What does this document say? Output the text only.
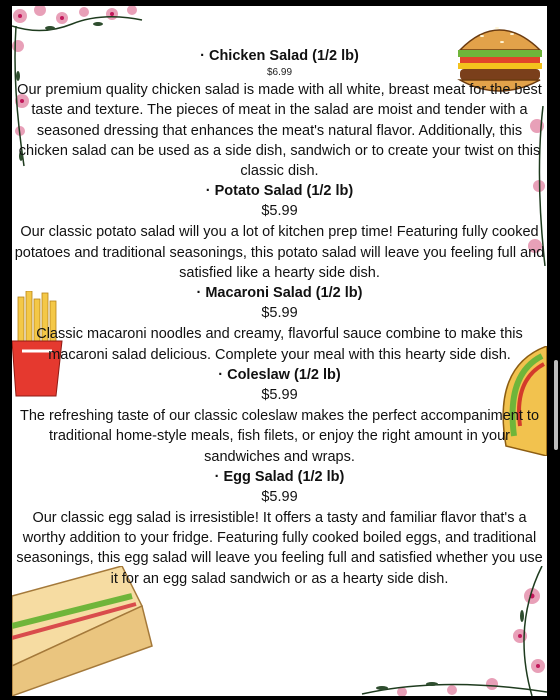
· Chicken Salad (1/2 lb)
$6.99
Our premium quality chicken salad is made with all white, breast meat for the best taste and texture. The pieces of meat in the salad are moist and tender with a seasoned dressing that enhances the meat's natural flavor. Additionally, this chicken salad can be used as a side dish, sandwich or to create your twist on this classic dish.
· Potato Salad (1/2 lb)
$5.99
Our classic potato salad will you a lot of kitchen prep time! Featuring fully cooked potatoes and traditional seasonings, this potato salad will leave you feeling full and satisfied like a hearty side dish.
· Macaroni Salad (1/2 lb)
$5.99
Classic macaroni noodles and creamy, flavorful sauce combine to make this macaroni salad delicious. Complete your meal with this hearty side dish.
· Coleslaw (1/2 lb)
$5.99
The refreshing taste of our classic coleslaw makes the perfect accompaniment to traditional home-style meals, fish filets, or enjoy the right amount in your sandwiches and wraps.
· Egg Salad (1/2 lb)
$5.99
Our classic egg salad is irresistible! It offers a tasty and familiar flavor that's a worthy addition to your fridge. Featuring fully cooked boiled eggs, and traditional seasonings, this egg salad will leave you feeling full and satisfied whether you use it for an egg salad sandwich or as a hearty side dish.
